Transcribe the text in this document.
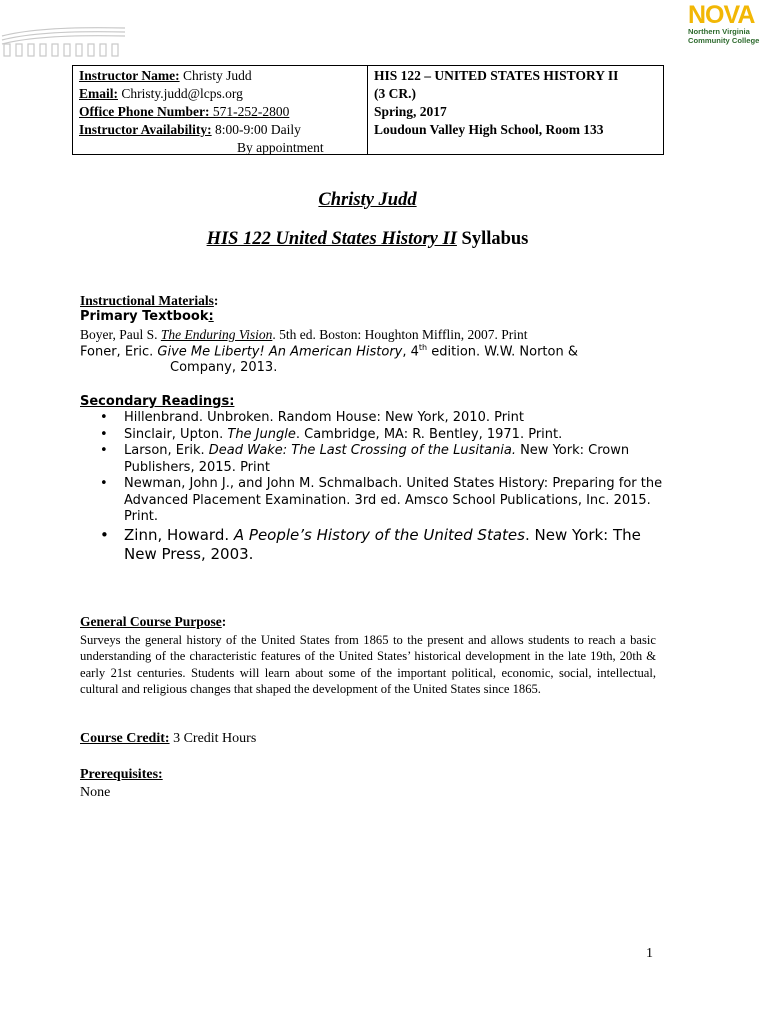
NOVA
Northern Virginia
Community College
Instructor Name: Christy Judd
Email: Christy.judd@lcps.org
Office Phone Number: 571-252-2800
Instructor Availability: 8:00-9:00 Daily
By appointment
HIS 122 – UNITED STATES HISTORY II
(3 CR.)
Spring, 2017
Loudoun Valley High School, Room 133
Christy Judd
HIS 122 United States History II Syllabus
Instructional Materials:
Primary Textbook:
Boyer, Paul S. The Enduring Vision. 5th ed. Boston: Houghton Mifflin, 2007. Print
Foner, Eric. Give Me Liberty! An American History, 4th edition. W.W. Norton &
Company, 2013.
Secondary Readings:
• Hillenbrand. Unbroken. Random House: New York, 2010. Print
• Sinclair, Upton. The Jungle. Cambridge, MA: R. Bentley, 1971. Print.
• Larson, Erik. Dead Wake: The Last Crossing of the Lusitania. New York: Crown Publishers, 2015. Print
• Newman, John J., and John M. Schmalbach. United States History: Preparing for the
Advanced Placement Examination. 3rd ed. Amsco School Publications, Inc. 2015. Print.
• Zinn, Howard. A People’s History of the United States. New York: The New Press, 2003.
General Course Purpose:
Surveys the general history of the United States from 1865 to the present and allows students to reach a basic understanding of the characteristic features of the United States’ historical development in the late 19th, 20th & early 21st centuries. Students will learn about some of the important political, economic, social, intellectual, cultural and religious changes that shaped the development of the United States since 1865.
Course Credit: 3 Credit Hours
Prerequisites:
None
1
